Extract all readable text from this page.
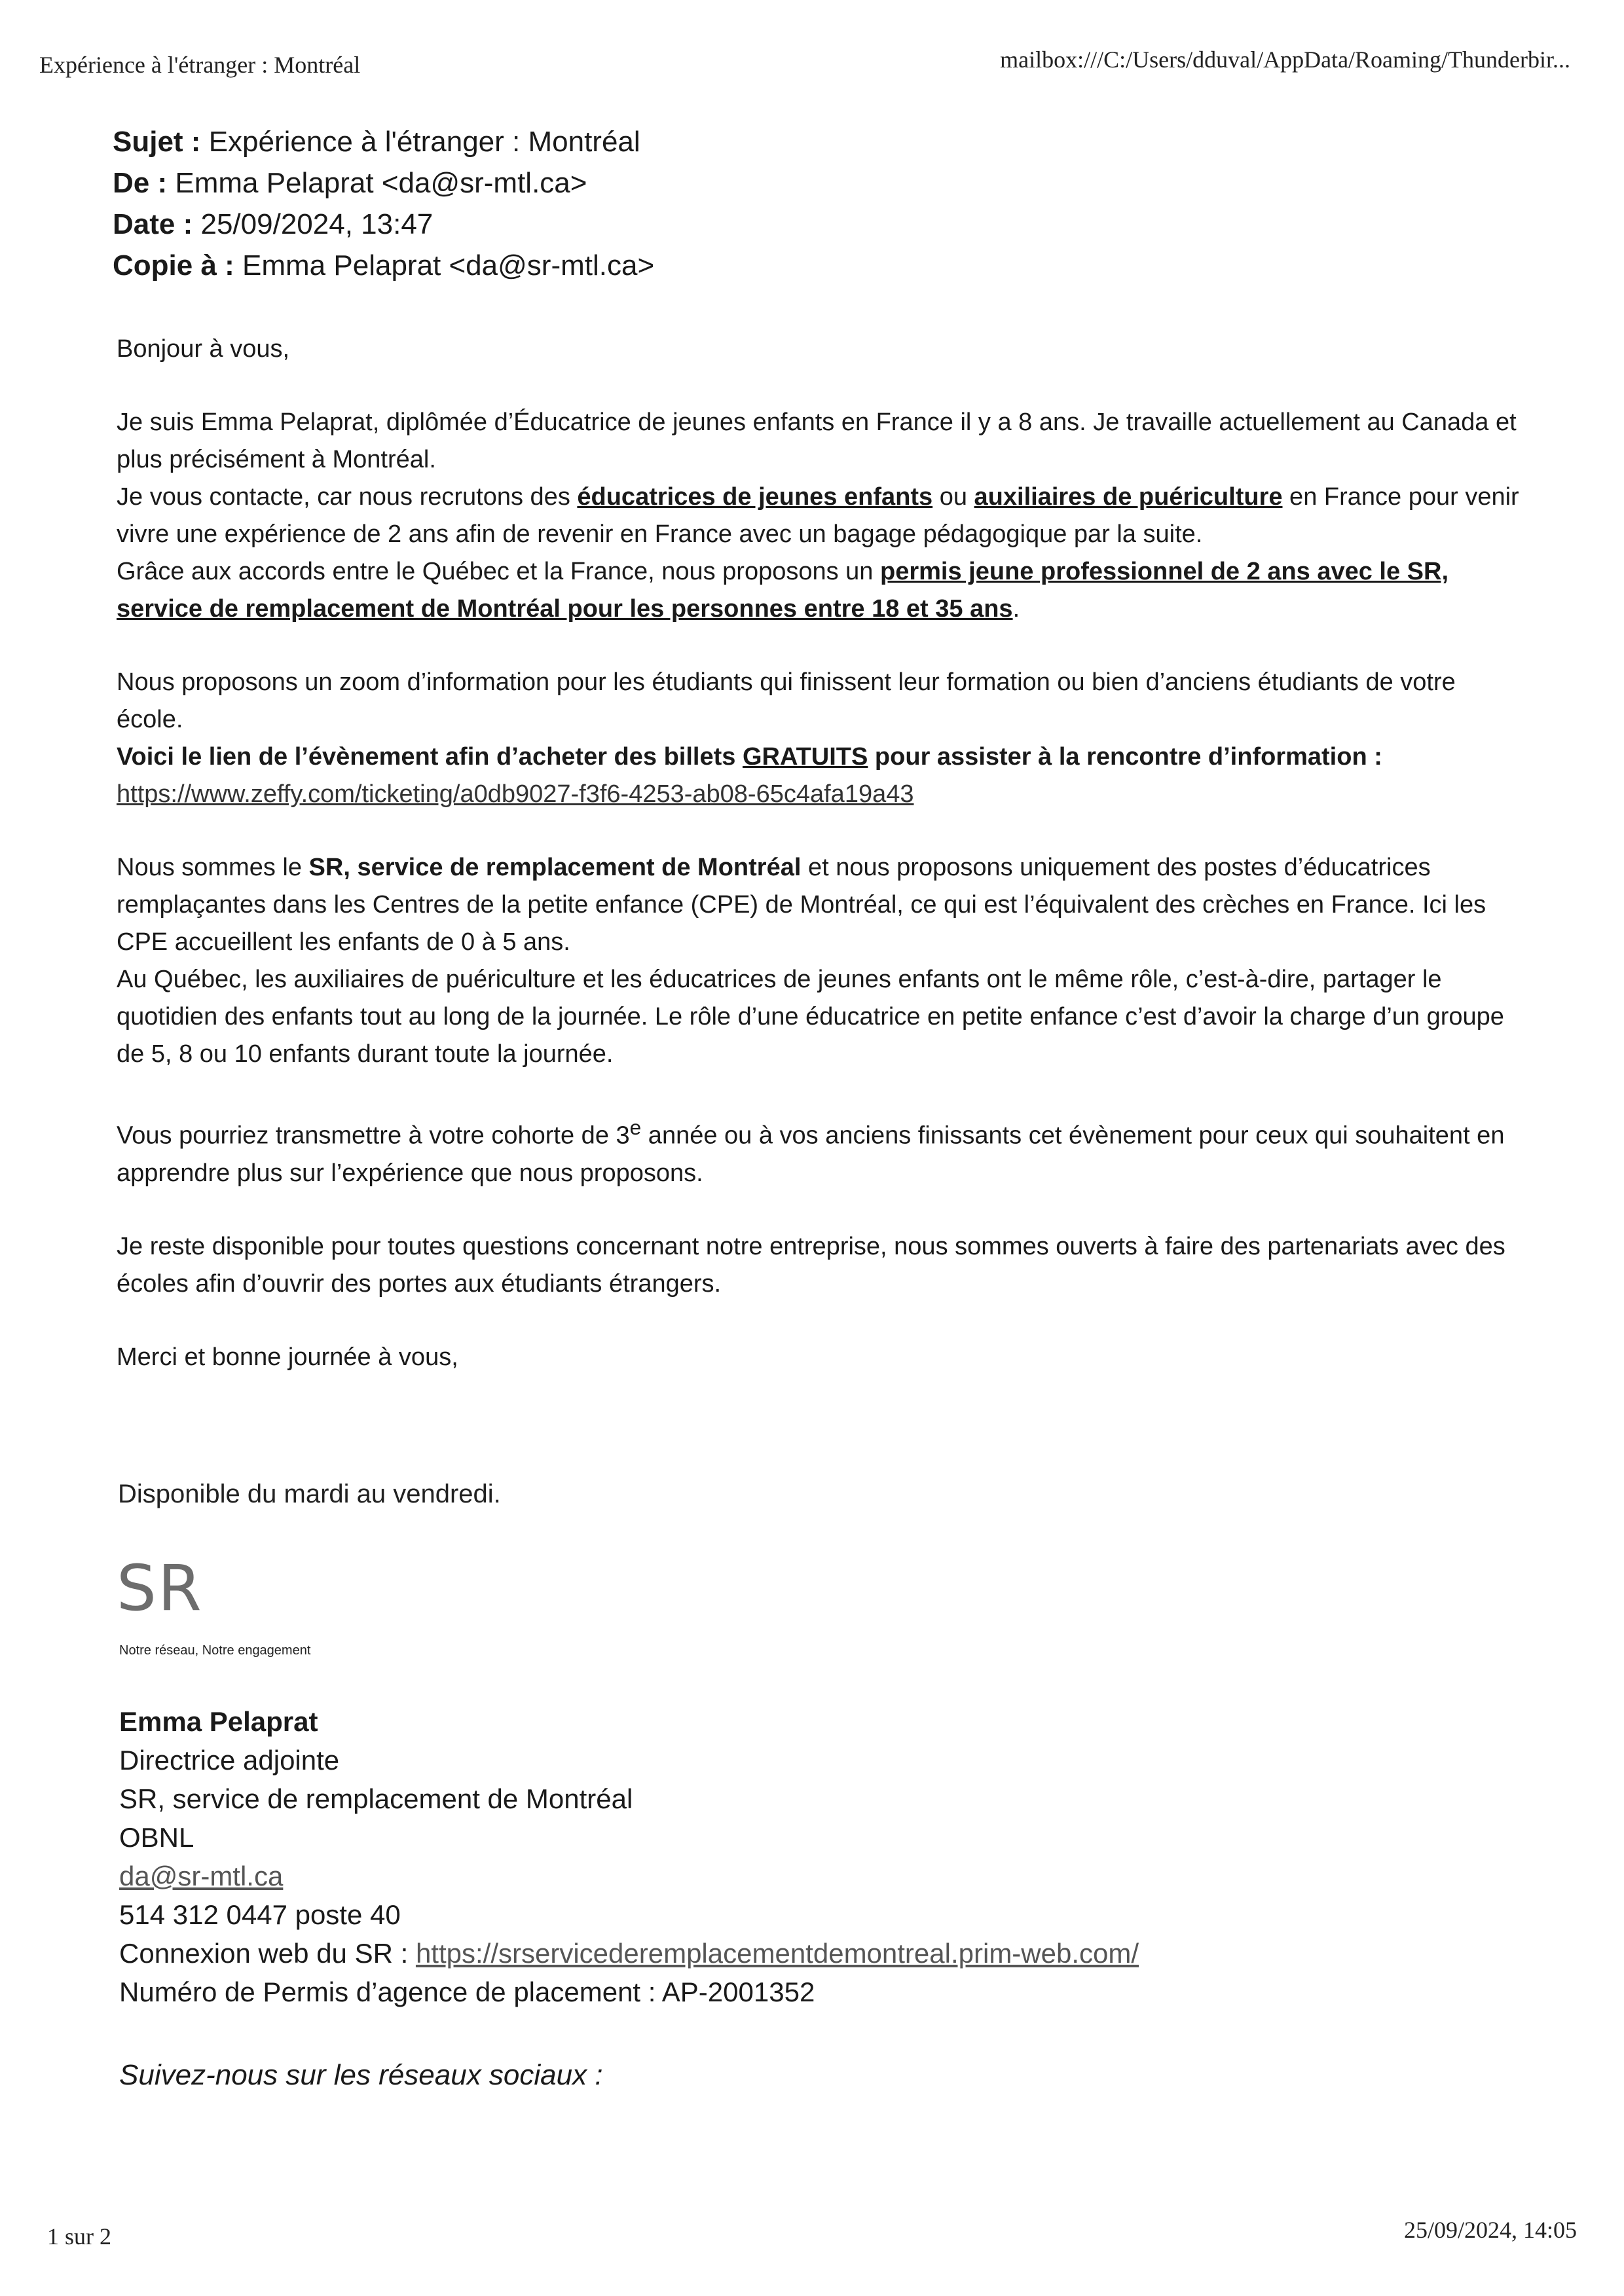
Expérience à l'étranger : Montréal	mailbox:///C:/Users/dduval/AppData/Roaming/Thunderbir...
Sujet : Expérience à l'étranger : Montréal
De : Emma Pelaprat <da@sr-mtl.ca>
Date : 25/09/2024, 13:47
Copie à : Emma Pelaprat <da@sr-mtl.ca>

Bonjour à vous,

Je suis Emma Pelaprat, diplômée d’Éducatrice de jeunes enfants en France il y a 8 ans. Je travaille actuellement au Canada et plus précisément à Montréal.

Je vous contacte, car nous recrutons des éducatrices de jeunes enfants ou auxiliaires de puériculture en France pour venir vivre une expérience de 2 ans afin de revenir en France avec un bagage pédagogique par la suite.

Grâce aux accords entre le Québec et la France, nous proposons un permis jeune professionnel de 2 ans avec le SR, service de remplacement de Montréal pour les personnes entre 18 et 35 ans.

Nous proposons un zoom d’information pour les étudiants qui finissent leur formation ou bien d’anciens étudiants de votre école.

Voici le lien de l’évènement afin d’acheter des billets GRATUITS pour assister à la rencontre d’information :

https://www.zeffy.com/ticketing/a0db9027-f3f6-4253-ab08-65c4afa19a43

Nous sommes le SR, service de remplacement de Montréal et nous proposons uniquement des postes d’éducatrices remplaçantes dans les Centres de la petite enfance (CPE) de Montréal, ce qui est l’équivalent des crèches en France. Ici les CPE accueillent les enfants de 0 à 5 ans.

Au Québec, les auxiliaires de puériculture et les éducatrices de jeunes enfants ont le même rôle, c’est-à-dire, partager le quotidien des enfants tout au long de la journée. Le rôle d’une éducatrice en petite enfance c’est d’avoir la charge d’un groupe de 5, 8 ou 10 enfants durant toute la journée.

Vous pourriez transmettre à votre cohorte de 3e année ou à vos anciens finissants cet évènement pour ceux qui souhaitent en apprendre plus sur l’expérience que nous proposons.

Je reste disponible pour toutes questions concernant notre entreprise, nous sommes ouverts à faire des partenariats avec des écoles afin d’ouvrir des portes aux étudiants étrangers.

Merci et bonne journée à vous,

Disponible du mardi au vendredi.
SR
Notre réseau, Notre engagement
Emma Pelaprat
Directrice adjointe
SR, service de remplacement de Montréal
OBNL
da@sr-mtl.ca
514 312 0447 poste 40
Connexion web du SR : https://srservicederemplacementdemontreal.prim-web.com/
Numéro de Permis d’agence de placement : AP-2001352
Suivez-nous sur les réseaux sociaux :
1 sur 2	25/09/2024, 14:05
